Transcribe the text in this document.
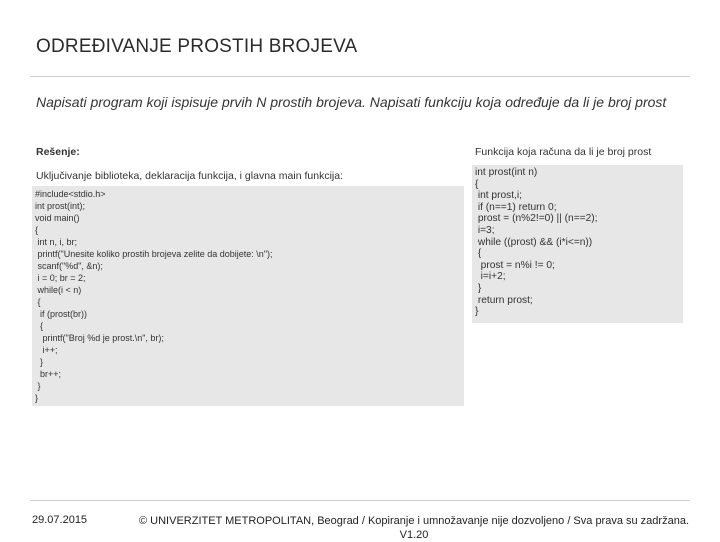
ODREĐIVANJE PROSTIH BROJEVA
Napisati program koji ispisuje prvih N prostih brojeva. Napisati funkciju koja određuje da li je broj prost
Rešenje:	Funkcija koja računa da li je broj prost
Uključivanje biblioteka, deklaracija funkcija, i glavna main funkcija:
#include<stdio.h>
int prost(int);
void main()
{
int n, i, br;
printf("Unesite koliko prostih brojeva zelite da dobijete: \n");
scanf("%d", &n);
i = 0; br = 2;
while(i < n)
{
if (prost(br))
{
printf("Broj %d je prost.\n", br);
i++;
}
br++;
}
}
int prost(int n)
{
int prost,i;
if (n==1) return 0;
prost = (n%2!=0) || (n==2);
i=3;
while ((prost) && (i*i<=n))
{
prost = n%i != 0;
i=i+2;
}
return prost;
}
29.07.2015	© UNIVERZITET METROPOLITAN, Beograd / Kopiranje i umnožavanje nije dozvoljeno / Sva prava su zadržana.
V1.20
